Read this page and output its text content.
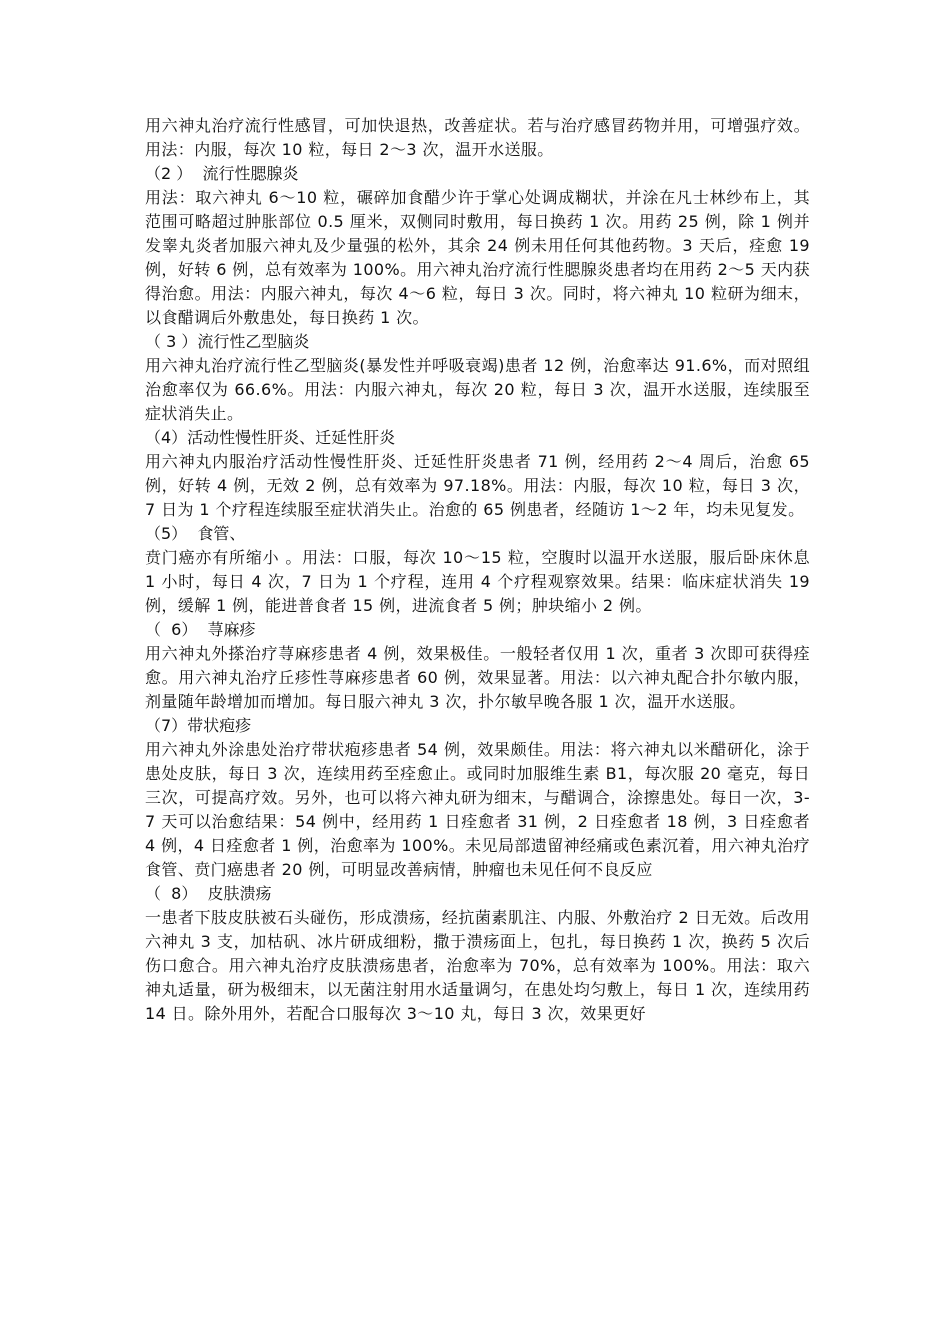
用六神丸治疗流行性感冒，可加快退热，改善症状。若与治疗感冒药物并用，可增强疗效。用法：内服，每次 10 粒，每日 2～3 次，温开水送服。

（2 ）  流行性腮腺炎

用法：取六神丸 6～10 粒，碾碎加食醋少许于掌心处调成糊状，并涂在凡士林纱布上，其范围可略超过肿胀部位 0.5 厘米，双侧同时敷用，每日换药 1 次。用药 25 例，除 1 例并发睾丸炎者加服六神丸及少量强的松外，其余 24 例未用任何其他药物。3 天后，痊愈 19 例，好转 6 例，总有效率为 100%。用六神丸治疗流行性腮腺炎患者均在用药 2～5 天内获得治愈。用法：内服六神丸，每次 4～6 粒，每日 3 次。同时，将六神丸 10 粒研为细末，以食醋调后外敷患处，每日换药 1 次。

（ 3 ）流行性乙型脑炎

用六神丸治疗流行性乙型脑炎(暴发性并呼吸衰竭)患者 12 例，治愈率达 91.6%，而对照组治愈率仅为 66.6%。用法：内服六神丸，每次 20 粒，每日 3 次，温开水送服，连续服至症状消失止。

（4）活动性慢性肝炎、迁延性肝炎

用六神丸内服治疗活动性慢性肝炎、迁延性肝炎患者 71 例，经用药 2～4 周后，治愈 65 例，好转 4 例，无效 2 例，总有效率为 97.18%。用法：内服，每次 10 粒，每日 3 次，7 日为 1 个疗程连续服至症状消失止。治愈的 65 例患者，经随访 1～2 年，均未见复发。

（5）  食管、

贲门癌亦有所缩小 。用法：口服，每次 10～15 粒，空腹时以温开水送服，服后卧床休息 1 小时，每日 4 次，7 日为 1 个疗程，连用 4 个疗程观察效果。结果：临床症状消失 19 例，缓解 1 例，能进普食者 15 例，进流食者 5 例；肿块缩小 2 例。

（  6）  荨麻疹

用六神丸外搽治疗荨麻疹患者 4 例，效果极佳。一般轻者仅用 1 次，重者 3 次即可获得痊愈。用六神丸治疗丘疹性荨麻疹患者 60 例，效果显著。用法：以六神丸配合扑尔敏内服，剂量随年龄增加而增加。每日服六神丸 3 次，扑尔敏早晚各服 1 次，温开水送服。

（7）带状疱疹

用六神丸外涂患处治疗带状疱疹患者 54 例，效果颇佳。用法：将六神丸以米醋研化，涂于患处皮肤，每日 3 次，连续用药至痊愈止。或同时加服维生素 B1，每次服 20 毫克，每日三次，可提高疗效。另外，也可以将六神丸研为细末，与醋调合，涂擦患处。每日一次，3-7 天可以治愈结果：54 例中，经用药 1 日痊愈者 31 例，2 日痊愈者 18 例，3 日痊愈者 4 例，4 日痊愈者 1 例，治愈率为 100%。未见局部遗留神经痛或色素沉着，用六神丸治疗食管、贲门癌患者 20 例，可明显改善病情，肿瘤也未见任何不良反应

（  8）  皮肤溃疡

一患者下肢皮肤被石头碰伤，形成溃疡，经抗菌素肌注、内服、外敷治疗 2 日无效。后改用六神丸 3 支，加枯矾、冰片研成细粉，撒于溃疡面上，包扎，每日换药 1 次，换药 5 次后伤口愈合。用六神丸治疗皮肤溃疡患者，治愈率为 70%，总有效率为 100%。用法：取六神丸适量，研为极细末，以无菌注射用水适量调匀，在患处均匀敷上，每日 1 次，连续用药 14 日。除外用外，若配合口服每次 3～10 丸，每日 3 次，效果更好
